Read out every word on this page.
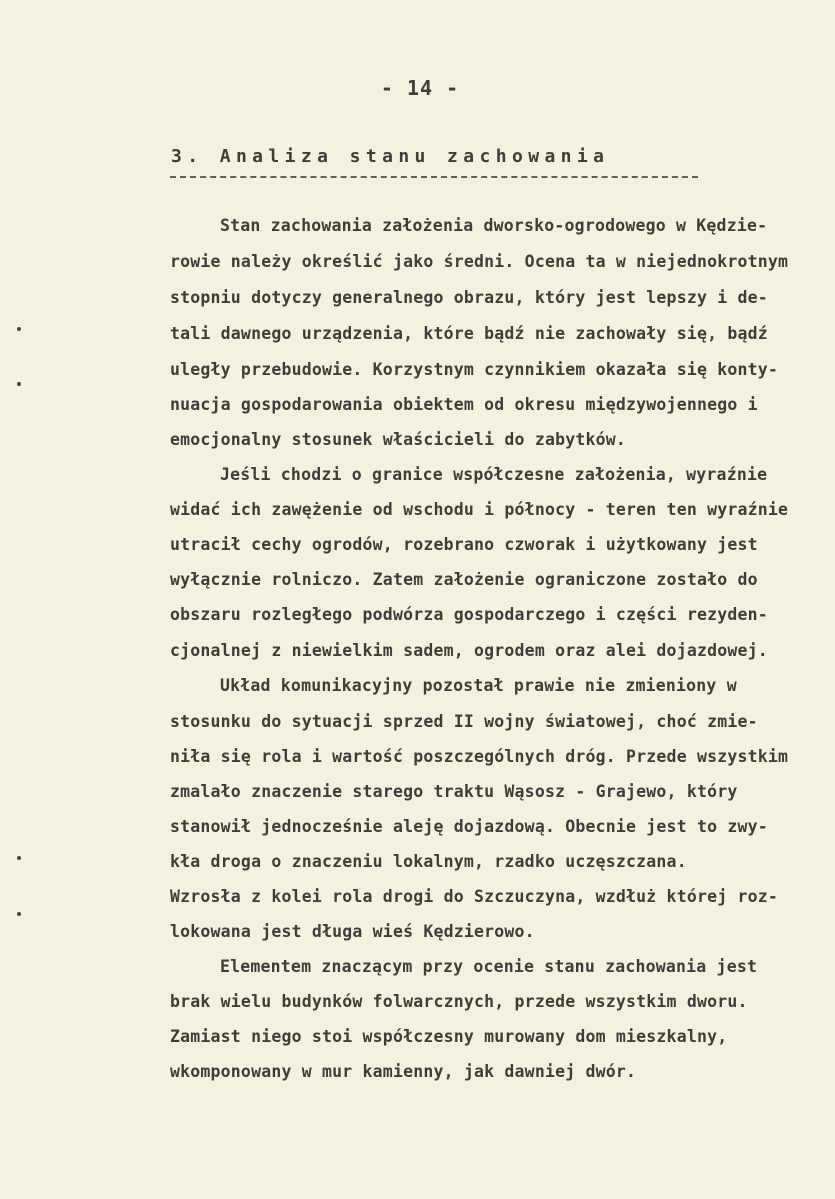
- 14 -
3. Analiza stanu zachowania
Stan zachowania założenia dworsko-ogrodowego w Kędzie-
rowie należy określić jako średni. Ocena ta w niejednokrotnym
stopniu dotyczy generalnego obrazu, który jest lepszy i de-
tali dawnego urządzenia, które bądź nie zachowały się, bądź
uległy przebudowie. Korzystnym czynnikiem okazała się konty-
nuacja gospodarowania obiektem od okresu międzywojennego i
emocjonalny stosunek właścicieli do zabytków.
Jeśli chodzi o granice współczesne założenia, wyraźnie
widać ich zawężenie od wschodu i północy - teren ten wyraźnie
utracił cechy ogrodów, rozebrano czworak i użytkowany jest
wyłącznie rolniczo. Zatem założenie ograniczone zostało do
obszaru rozległego podwórza gospodarczego i części rezyden-
cjonalnej z niewielkim sadem, ogrodem oraz alei dojazdowej.
Układ komunikacyjny pozostał prawie nie zmieniony w
stosunku do sytuacji sprzed II wojny światowej, choć zmie-
niła się rola i wartość poszczególnych dróg. Przede wszystkim
zmalało znaczenie starego traktu Wąsosz - Grajewo, który
stanowił jednocześnie aleję dojazdową. Obecnie jest to zwy-
kła droga o znaczeniu lokalnym, rzadko uczęszczana.
Wzrosła z kolei rola drogi do Szczuczyna, wzdłuż której roz-
lokowana jest długa wieś Kędzierowo.
Elementem znaczącym przy ocenie stanu zachowania jest
brak wielu budynków folwarcznych, przede wszystkim dworu.
Zamiast niego stoi współczesny murowany dom mieszkalny,
wkomponowany w mur kamienny, jak dawniej dwór.
